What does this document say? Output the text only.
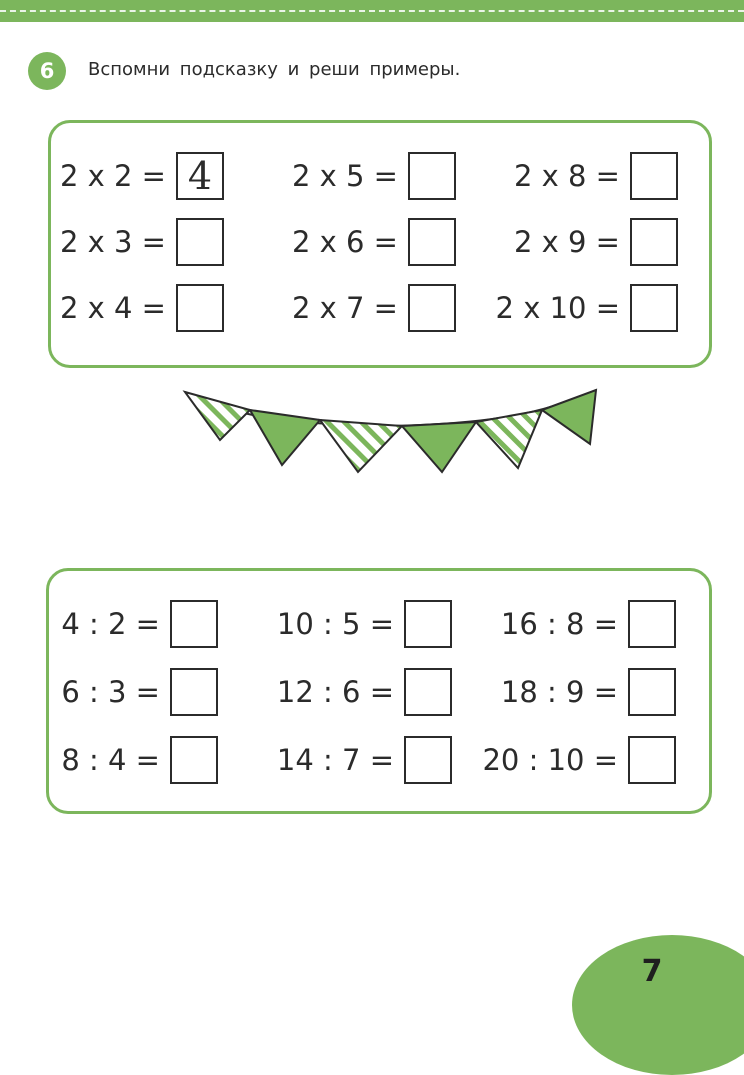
6	Вспомни подсказку и реши примеры.
2 x 2 = 4
2 x 3 =
2 x 4 =
2 x 5 =
2 x 6 =
2 x 7 =
2 x 8 =
2 x 9 =
2 x 10 =
4 : 2 =
6 : 3 =
8 : 4 =
10 : 5 =
12 : 6 =
14 : 7 =
16 : 8 =
18 : 9 =
20 : 10 =
7
